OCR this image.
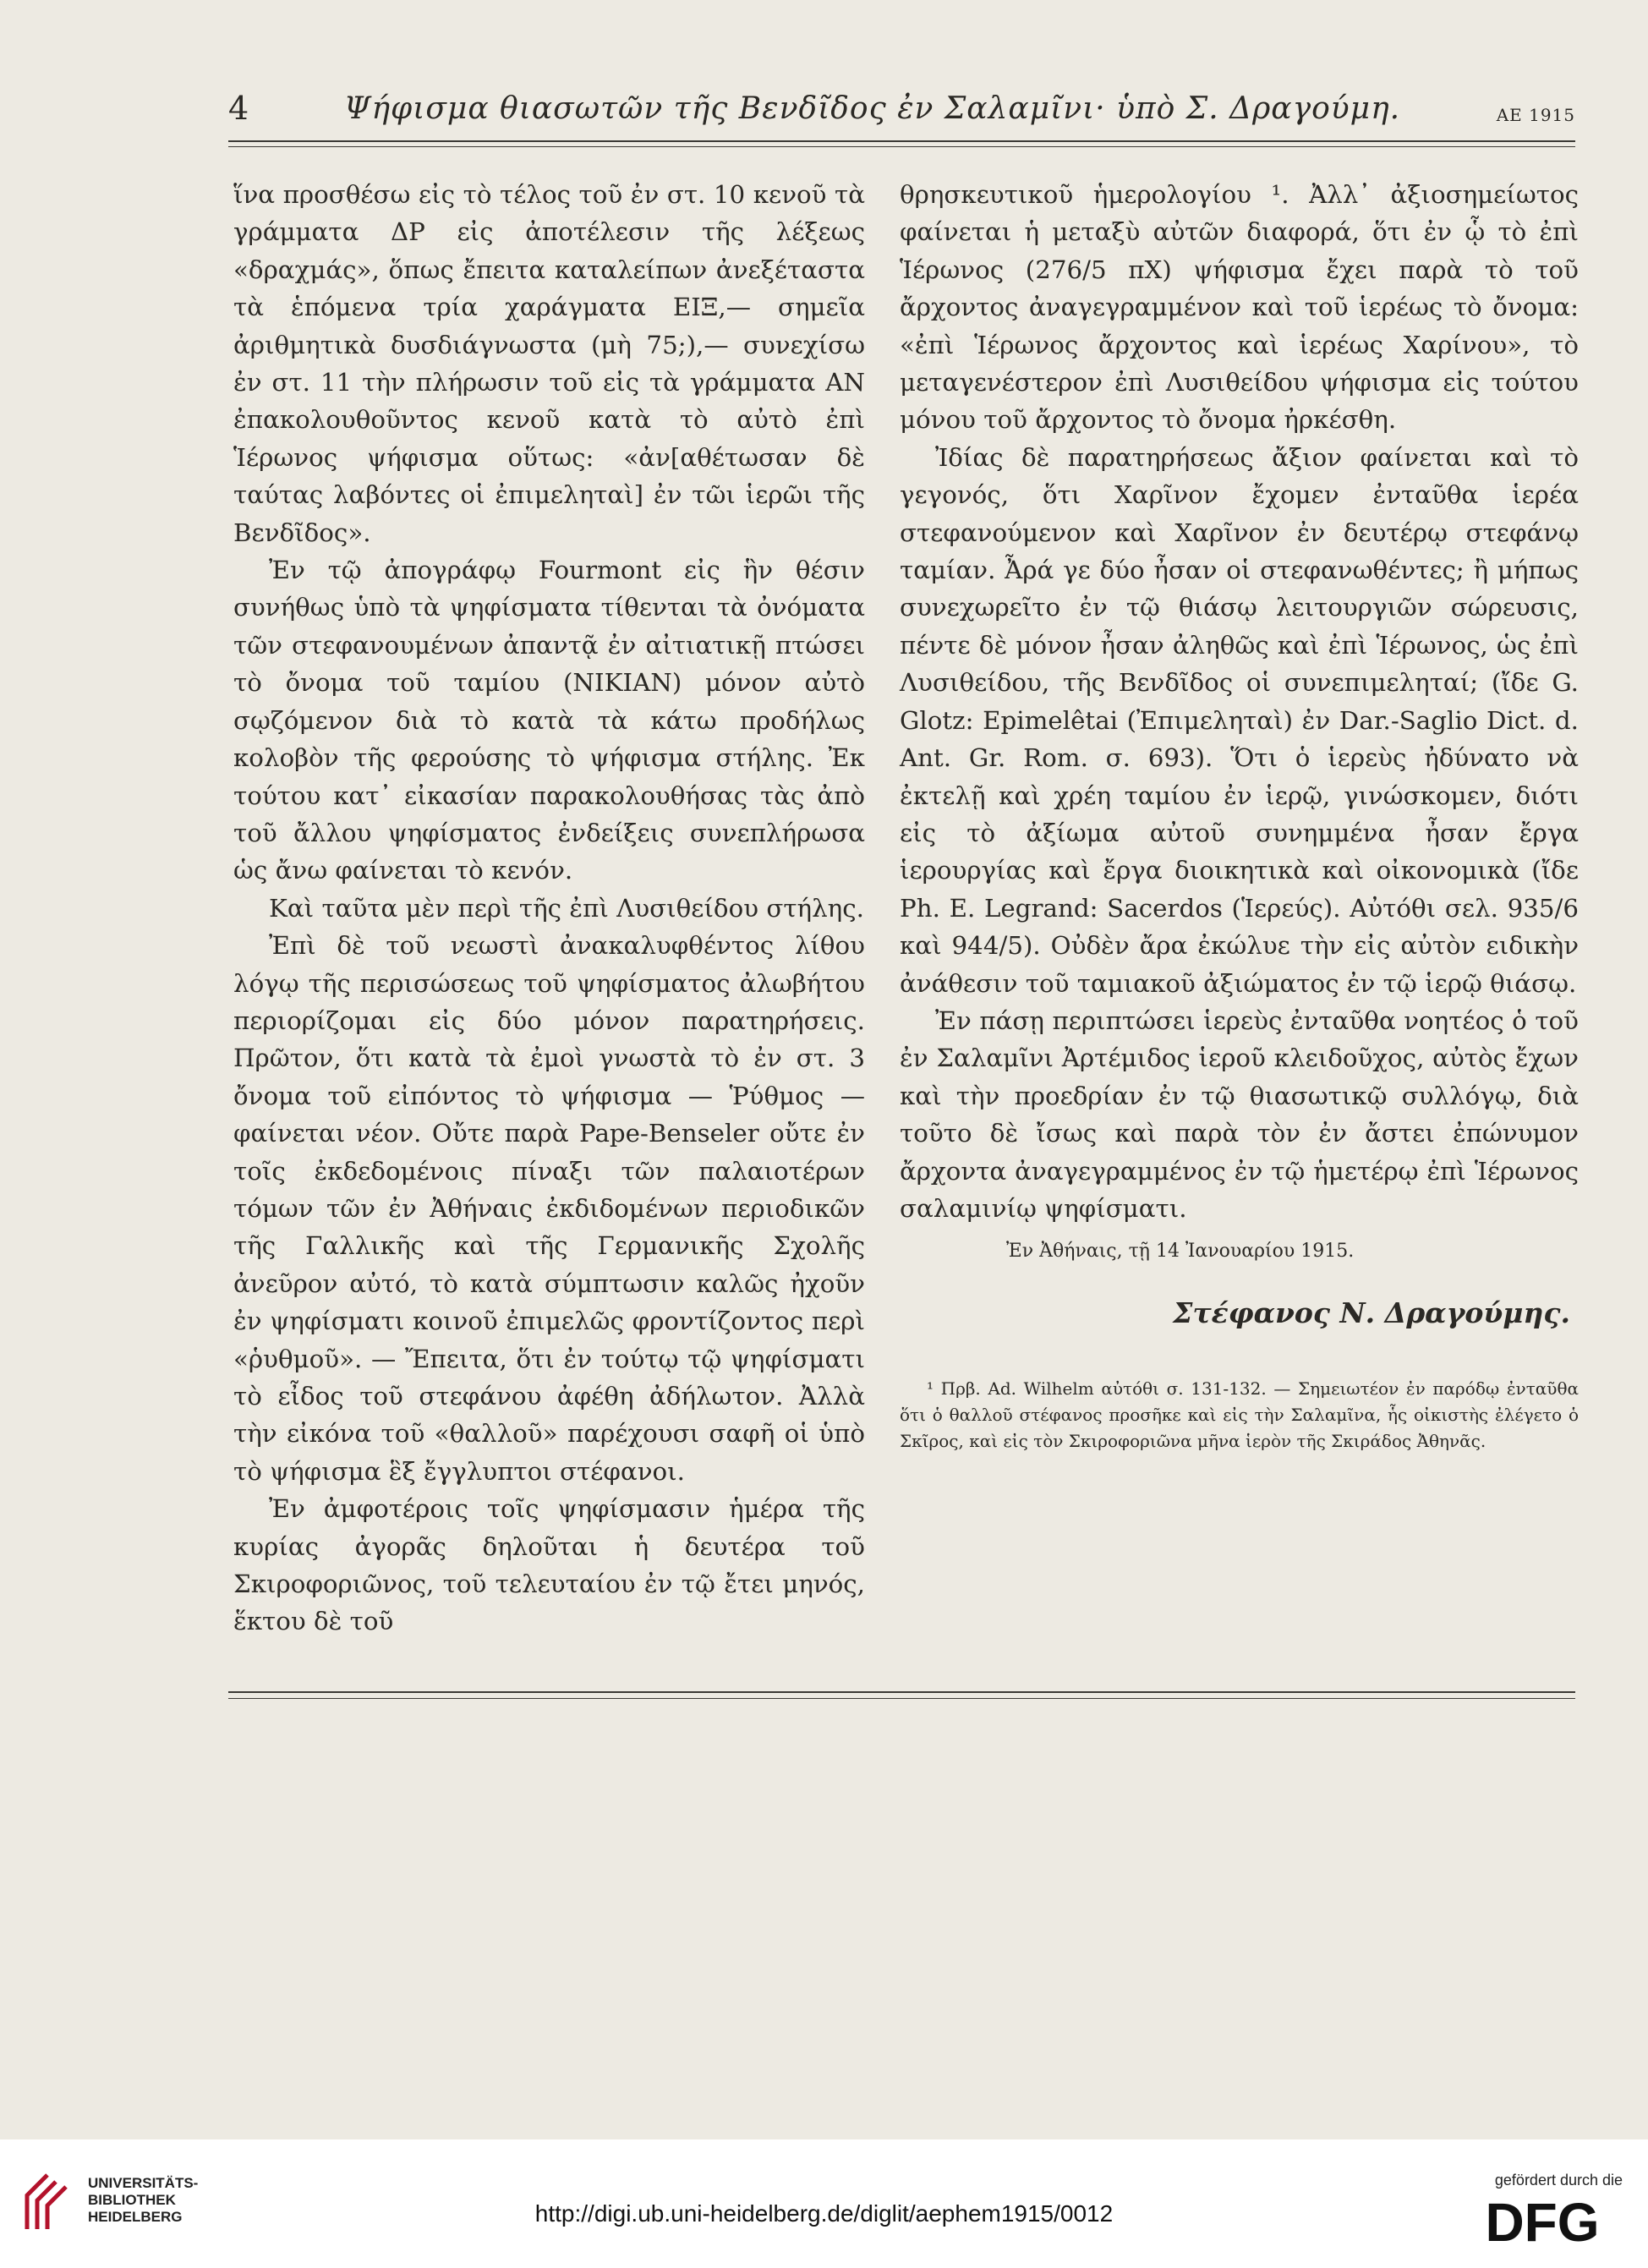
4	Ψήφισμα θιασωτῶν τῆς Βενδῖδος ἐν Σαλαμῖνι· ὑπὸ Σ. Δραγούμη.	ΑΕ 1915

ἵνα προσθέσω εἰς τὸ τέλος τοῦ ἐν στ. 10 κενοῦ τὰ γράμματα ΔΡ εἰς ἀποτέλεσιν τῆς λέξεως «δραχμάς», ὅπως ἔπειτα καταλείπων ἀνεξέταστα τὰ ἑπόμενα τρία χαράγματα ΕΙΞ,— σημεῖα ἀριθμητικὰ δυσδιάγνωστα (μὴ 75;),— συνεχίσω ἐν στ. 11 τὴν πλήρωσιν τοῦ εἰς τὰ γράμματα ΑΝ ἐπακολουθοῦντος κενοῦ κατὰ τὸ αὐτὸ ἐπὶ Ἱέρωνος ψήφισμα οὕτως: «ἀν[αθέτωσαν δὲ ταύτας λαβόντες οἱ ἐπιμεληταὶ] ἐν τῶι ἱερῶι τῆς Βενδῖδος».

Ἐν τῷ ἀπογράφῳ Fourmont εἰς ἣν θέσιν συνήθως ὑπὸ τὰ ψηφίσματα τίθενται τὰ ὀνόματα τῶν στεφανουμένων ἀπαντᾷ ἐν αἰτιατικῇ πτώσει τὸ ὄνομα τοῦ ταμίου (ΝΙΚΙΑΝ) μόνον αὐτὸ σῳζόμενον διὰ τὸ κατὰ τὰ κάτω προδήλως κολοβὸν τῆς φερούσης τὸ ψήφισμα στήλης. Ἐκ τούτου κατ᾽ εἰκασίαν παρακολουθήσας τὰς ἀπὸ τοῦ ἄλλου ψηφίσματος ἐνδείξεις συνεπλήρωσα ὡς ἄνω φαίνεται τὸ κενόν.

Καὶ ταῦτα μὲν περὶ τῆς ἐπὶ Λυσιθείδου στήλης.

Ἐπὶ δὲ τοῦ νεωστὶ ἀνακαλυφθέντος λίθου λόγῳ τῆς περισώσεως τοῦ ψηφίσματος ἀλωβήτου περιορίζομαι εἰς δύο μόνον παρατηρήσεις. Πρῶτον, ὅτι κατὰ τὰ ἐμοὶ γνωστὰ τὸ ἐν στ. 3 ὄνομα τοῦ εἰπόντος τὸ ψήφισμα — Ῥύθμος — φαίνεται νέον. Οὔτε παρὰ Pape-Benseler οὔτε ἐν τοῖς ἐκδεδομένοις πίναξι τῶν παλαιοτέρων τόμων τῶν ἐν Ἀθήναις ἐκδιδομένων περιοδικῶν τῆς Γαλλικῆς καὶ τῆς Γερμανικῆς Σχολῆς ἀνεῦρον αὐτό, τὸ κατὰ σύμπτωσιν καλῶς ἠχοῦν ἐν ψηφίσματι κοινοῦ ἐπιμελῶς φροντίζοντος περὶ «ῥυθμοῦ». — Ἔπειτα, ὅτι ἐν τούτῳ τῷ ψηφίσματι τὸ εἶδος τοῦ στεφάνου ἀφέθη ἀδήλωτον. Ἀλλὰ τὴν εἰκόνα τοῦ «θαλλοῦ» παρέχουσι σαφῆ οἱ ὑπὸ τὸ ψήφισμα ἓξ ἔγγλυπτοι στέφανοι.

Ἐν ἀμφοτέροις τοῖς ψηφίσμασιν ἡμέρα τῆς κυρίας ἀγορᾶς δηλοῦται ἡ δευτέρα τοῦ Σκιροφοριῶνος, τοῦ τελευταίου ἐν τῷ ἔτει μηνός, ἕκτου δὲ τοῦ

θρησκευτικοῦ ἡμερολογίου ¹. Ἀλλ᾽ ἀξιοσημείωτος φαίνεται ἡ μεταξὺ αὐτῶν διαφορά, ὅτι ἐν ᾧ τὸ ἐπὶ Ἱέρωνος (276/5 πΧ) ψήφισμα ἔχει παρὰ τὸ τοῦ ἄρχοντος ἀναγεγραμμένον καὶ τοῦ ἱερέως τὸ ὄνομα: «ἐπὶ Ἱέρωνος ἄρχοντος καὶ ἱερέως Χαρίνου», τὸ μεταγενέστερον ἐπὶ Λυσιθείδου ψήφισμα εἰς τούτου μόνου τοῦ ἄρχοντος τὸ ὄνομα ἠρκέσθη.

Ἰδίας δὲ παρατηρήσεως ἄξιον φαίνεται καὶ τὸ γεγονός, ὅτι Χαρῖνον ἔχομεν ἐνταῦθα ἱερέα στεφανούμενον καὶ Χαρῖνον ἐν δευτέρῳ στεφάνῳ ταμίαν. Ἆρά γε δύο ἦσαν οἱ στεφανωθέντες; ἢ μήπως συνεχωρεῖτο ἐν τῷ θιάσῳ λειτουργιῶν σώρευσις, πέντε δὲ μόνον ἦσαν ἀληθῶς καὶ ἐπὶ Ἱέρωνος, ὡς ἐπὶ Λυσιθείδου, τῆς Βενδῖδος οἱ συνεπιμεληταί; (ἴδε G. Glotz: Epimelêtai (Ἐπιμεληταὶ) ἐν Dar.-Saglio Dict. d. Ant. Gr. Rom. σ. 693). Ὅτι ὁ ἱερεὺς ἠδύνατο νὰ ἐκτελῇ καὶ χρέη ταμίου ἐν ἱερῷ, γινώσκομεν, διότι εἰς τὸ ἀξίωμα αὐτοῦ συνημμένα ἦσαν ἔργα ἱερουργίας καὶ ἔργα διοικητικὰ καὶ οἰκονομικὰ (ἴδε Ph. E. Legrand: Sacerdos (Ἱερεύς). Αὐτόθι σελ. 935/6 καὶ 944/5). Οὐδὲν ἄρα ἐκώλυε τὴν εἰς αὐτὸν ειδικὴν ἀνάθεσιν τοῦ ταμιακοῦ ἀξιώματος ἐν τῷ ἱερῷ θιάσῳ.

Ἐν πάσῃ περιπτώσει ἱερεὺς ἐνταῦθα νοητέος ὁ τοῦ ἐν Σαλαμῖνι Ἀρτέμιδος ἱεροῦ κλειδοῦχος, αὐτὸς ἔχων καὶ τὴν προεδρίαν ἐν τῷ θιασωτικῷ συλλόγῳ, διὰ τοῦτο δὲ ἴσως καὶ παρὰ τὸν ἐν ἄστει ἐπώνυμον ἄρχοντα ἀναγεγραμμένος ἐν τῷ ἡμετέρῳ ἐπὶ Ἱέρωνος σαλαμινίῳ ψηφίσματι.

Ἐν Ἀθήναις, τῇ 14 Ἰανουαρίου 1915.
Στέφανος Ν. Δραγούμης.
¹ Πρβ. Ad. Wilhelm αὐτόθι σ. 131-132. — Σημειωτέον ἐν παρόδῳ ἐνταῦθα ὅτι ὁ θαλλοῦ στέφανος προσῆκε καὶ εἰς τὴν Σαλαμῖνα, ἧς οἰκιστὴς ἐλέγετο ὁ Σκῖρος, καὶ εἰς τὸν Σκιροφοριῶνα μῆνα ἱερὸν τῆς Σκιράδος Ἀθηνᾶς.
UNIVERSITÄTS-
BIBLIOTHEK
HEIDELBERG	http://digi.ub.uni-heidelberg.de/diglit/aephem1915/0012
gefördert durch die
DFG
